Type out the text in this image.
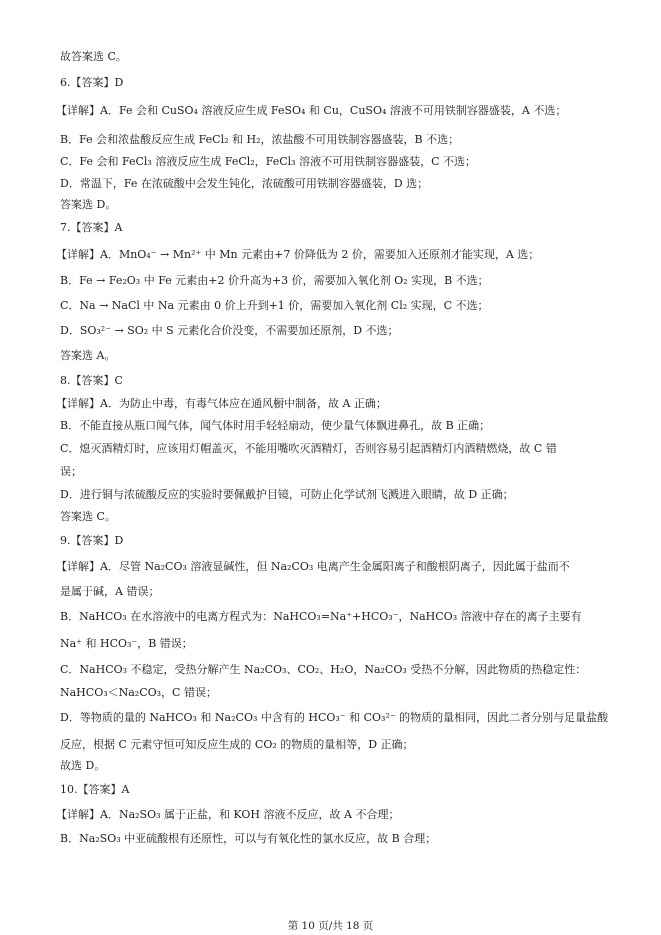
故答案选 C。
6.【答案】D
【详解】A．Fe 会和 CuSO₄ 溶液反应生成 FeSO₄ 和 Cu，CuSO₄ 溶液不可用铁制容器盛装，A 不选；
B．Fe 会和浓盐酸反应生成 FeCl₂ 和 H₂，浓盐酸不可用铁制容器盛装，B 不选；
C．Fe 会和 FeCl₃ 溶液反应生成 FeCl₂，FeCl₃ 溶液不可用铁制容器盛装，C 不选；
D．常温下，Fe 在浓硫酸中会发生钝化，浓硫酸可用铁制容器盛装，D 选；
答案选 D。
7.【答案】A
【详解】A．MnO₄⁻ → Mn²⁺ 中 Mn 元素由+7 价降低为 2 价，需要加入还原剂才能实现，A 选；
B．Fe → Fe₂O₃ 中 Fe 元素由+2 价升高为+3 价，需要加入氧化剂 O₂ 实现，B 不选；
C．Na → NaCl 中 Na 元素由 0 价上升到+1 价，需要加入氧化剂 Cl₂ 实现，C 不选；
D．SO₃²⁻ → SO₂ 中 S 元素化合价没变，不需要加还原剂，D 不选；
答案选 A。
8.【答案】C
【详解】A．为防止中毒，有毒气体应在通风橱中制备，故 A 正确；
B．不能直接从瓶口闻气体，闻气体时用手轻轻扇动，使少量气体飘进鼻孔，故 B 正确；
C．熄灭酒精灯时，应该用灯帽盖灭，不能用嘴吹灭酒精灯，否则容易引起酒精灯内酒精燃烧，故 C 错
误；
D．进行铜与浓硫酸反应的实验时要佩戴护目镜，可防止化学试剂飞溅进入眼睛，故 D 正确；
答案选 C。
9.【答案】D
【详解】A．尽管 Na₂CO₃ 溶液显碱性，但 Na₂CO₃ 电离产生金属阳离子和酸根阴离子，因此属于盐而不
是属于碱，A 错误；
B．NaHCO₃ 在水溶液中的电离方程式为：NaHCO₃=Na⁺+HCO₃⁻，NaHCO₃ 溶液中存在的离子主要有
Na⁺ 和 HCO₃⁻，B 错误；
C．NaHCO₃ 不稳定，受热分解产生 Na₂CO₃、CO₂、H₂O，Na₂CO₃ 受热不分解，因此物质的热稳定性：
NaHCO₃＜Na₂CO₃，C 错误；
D．等物质的量的 NaHCO₃ 和 Na₂CO₃ 中含有的 HCO₃⁻ 和 CO₃²⁻ 的物质的量相同，因此二者分别与足量盐酸
反应，根据 C 元素守恒可知反应生成的 CO₂ 的物质的量相等，D 正确；
故选 D。
10.【答案】A
【详解】A．Na₂SO₃ 属于正盐，和 KOH 溶液不反应，故 A 不合理；
B．Na₂SO₃ 中亚硫酸根有还原性，可以与有氧化性的氯水反应，故 B 合理；
第 10 页/共 18 页
